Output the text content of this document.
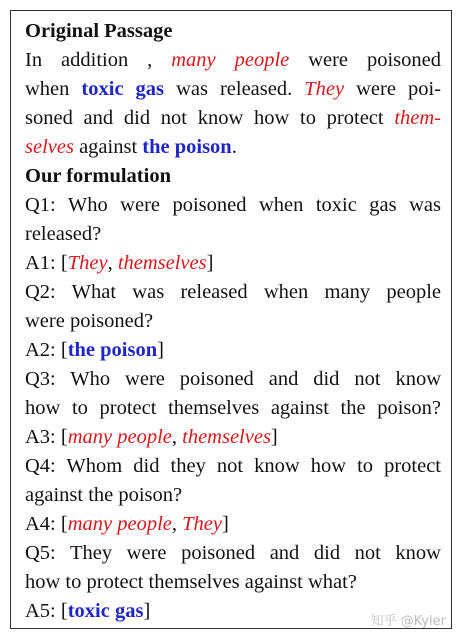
Original Passage
In addition , many people were poisoned
when toxic gas was released. They were poi-
soned and did not know how to protect them-
selves against the poison.
Our formulation
Q1: Who were poisoned when toxic gas was
released?
A1: [They, themselves]
Q2: What was released when many people
were poisoned?
A2: [the poison]
Q3: Who were poisoned and did not know
how to protect themselves against the poison?
A3: [many people, themselves]
Q4: Whom did they not know how to protect
against the poison?
A4: [many people, They]
Q5: They were poisoned and did not know
how to protect themselves against what?
A5: [toxic gas]	知乎 @Kyler
